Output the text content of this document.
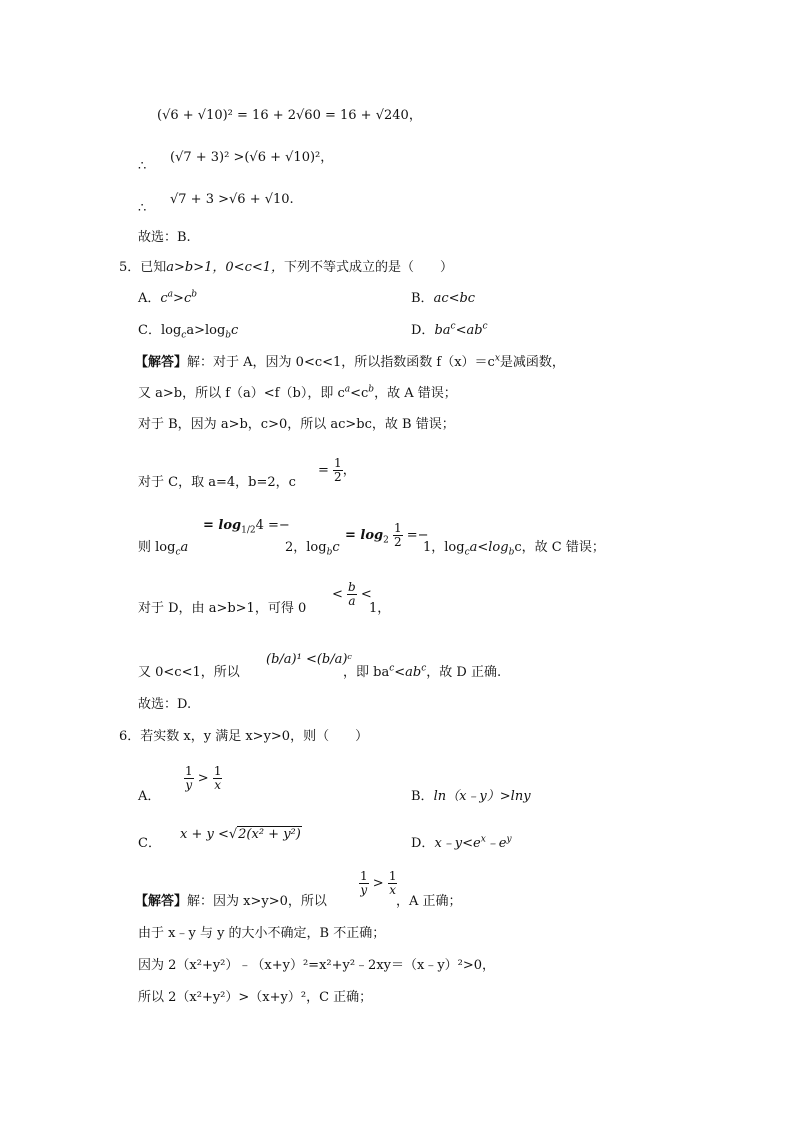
(√6 + √10)² = 16 + 2√60 = 16 + √240，
∴
(√7 + 3)² >(√6 + √10)²，
∴
√7 + 3 >√6 + √10.
故选：B.
5．已知a>b>1，0<c<1，下列不等式成立的是（　　）
A．$c^a>c^b$	B．ac<bc
C．$\log_ca>\log_bc$	D．$ba^c<ab^c$
【解答】解：对于 A，因为 0<c<1，所以指数函数 $f(x)=c^x$是减函数，
又 a>b，所以 f（a）<f（b），即 $c^a<c^b$，故 A 错误；
对于 B，因为 a>b，c>0，所以 ac>bc，故 B 错误；
对于 C，取 a=4，b=2，c
= $\frac{1}{2}$ ，
则 $\log_ca$
= $\log_{1/2}4$ =−
2，$\log_bc$
= $\log_2 \frac{1}{2}$ =−
1，$\log_ca<\log_bc$，故 C 错误；
对于 D，由 a>b>1，可得 0
< $\frac{b}{a}$ <
1，
又 0<c<1，所以
(b/a)¹ <(b/a)ᶜ
，即 $ba^c<ab^c$，故 D 正确.
故选：D.
6．若实数 x，y 满足 x>y>0，则（　　）
A．
$\frac{1}{y} > \frac{1}{x}$
B．ln（x﹣y）>lny
C．
x + y <√2(x² + y²)
D．$x﹣y<e^x﹣e^y$
【解答】解：因为 x>y>0，所以
$\frac{1}{y} > \frac{1}{x}$
，A 正确；
由于 x﹣y 与 y 的大小不确定，B 不正确；
因为 2（x²+y²）﹣（x+y）²=x²+y²﹣2xy＝（x﹣y）²>0，
所以 2（x²+y²）>（x+y）²，C 正确；
